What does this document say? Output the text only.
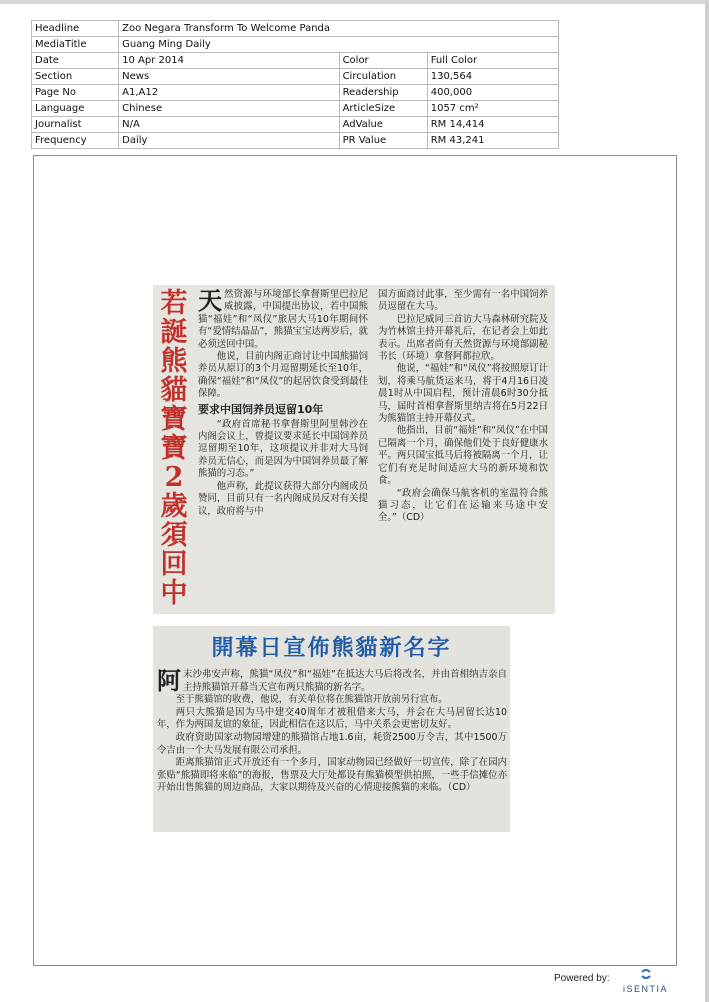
Headline	Zoo Negara Transform To Welcome Panda		
MediaTitle	Guang Ming Daily		
Date	10 Apr 2014	Color	Full Color
Section	News	Circulation	130,564
Page No	A1,A12	Readership	400,000
Language	Chinese	ArticleSize	1057 cm²
Journalist	N/A	AdValue	RM 14,414
Frequency	Daily	PR Value	RM 43,241
若誕熊貓寶寶2歲須回中

天然资源与环境部长拿督斯里巴拉尼威披露，中国提出协议，若中国熊猫“福娃”和“凤仪”旅居大马10年期间怀有“爱情结晶品”，熊猫宝宝达两岁后，就必须送回中国。

他说，目前内阁正商讨让中国熊猫饲养员从原订的3个月逗留期延长至10年，确保“福娃”和“凤仪”的起居饮食受到最佳保障。

要求中国饲养员逗留10年

“政府首席秘书拿督斯里阿里韩沙在内阁会议上，曾提议要求延长中国饲养员逗留期至10年，这项提议并非对大马饲养员无信心，而是因为中国饲养员最了解熊猫的习态。”

他声称，此提议获得大部分内阁成员赞同，目前只有一名内阁成员反对有关提议，政府将与中

国方面商讨此事，至少需有一名中国饲养员逗留在大马。

巴拉尼威同三首访大马森林研究院及为竹林馆主持开幕礼后，在记者会上如此表示。出席者尚有天然资源与环境部副秘书长（环境）拿督阿都拉欣。

他说，“福娃”和“凤仪”将按照原订计划，将乘马航货运来马，将于4月16日凌晨1时从中国启程，预计清晨6时30分抵马，届时首相拿督斯里纳吉将在5月22日为熊猫馆主持开幕仪式。

他指出，目前“福娃”和“凤仪”在中国已隔离一个月，确保他们处于良好健康水平。两只国宝抵马后将被隔离一个月，让它们有充足时间适应大马的新环境和饮食。

“政府会确保马航客机的室温符合熊猫习态，让它们在运输来马途中安全。”（CD）

開幕日宣佈熊貓新名字

阿末沙弗安声称，熊猫“凤仪”和“福娃”在抵达大马后将改名，并由首相纳吉亲自主持熊猫馆开幕当天宣布两只熊猫的新名字。

至于熊猫馆的收费，他说，有关单位将在熊猫馆开放前另行宣布。

两只大熊猫是因为马中建交40周年才被租借来大马，并会在大马居留长达10年，作为两国友谊的象征，因此相信在这以后，马中关系会更密切友好。

政府资助国家动物园增建的熊猫馆占地1.6亩，耗资2500万令吉，其中1500万令吉由一个大马发展有限公司承担。

距离熊猫馆正式开放还有一个多月，国家动物园已经做好一切宣传，除了在园内张贴“熊猫即将来临”的海报，售票及大厅处都设有熊猫模型供拍照，一些手信摊位亦开始出售熊猫的周边商品，大家以期待及兴奋的心情迎接熊猫的来临。（CD）

Powered by:
iSENTIA
